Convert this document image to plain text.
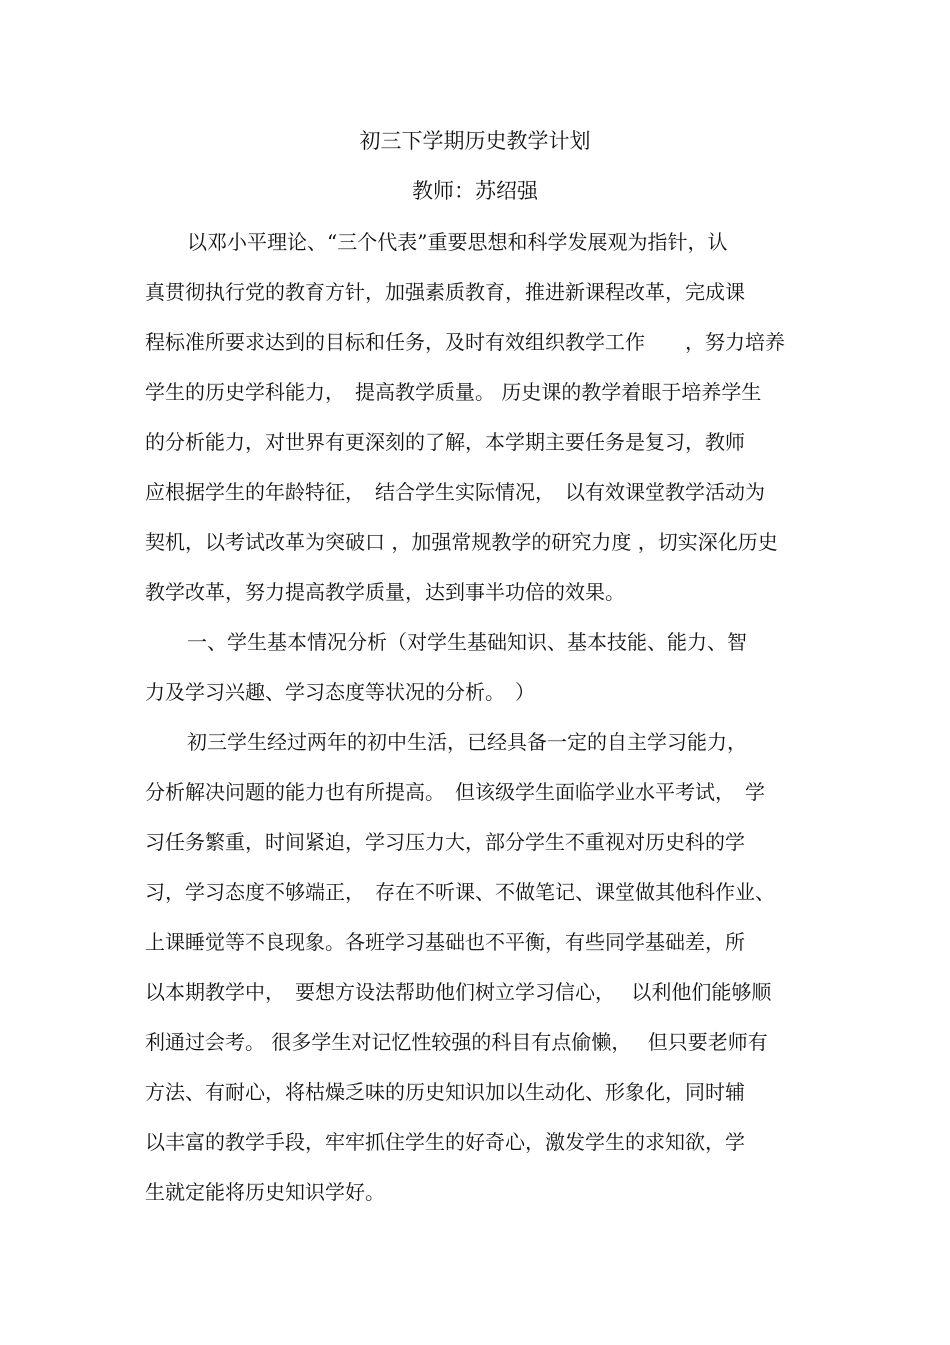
初三下学期历史教学计划
教师：苏绍强
以邓小平理论、“三个代表”重要思想和科学发展观为指针，认
真贯彻执行党的教育方针，加强素质教育，推进新课程改革，完成课
程标准所要求达到的目标和任务，及时有效组织教学工作　　，努力培养
学生的历史学科能力，　提高教学质量。 历史课的教学着眼于培养学生
的分析能力，对世界有更深刻的了解，本学期主要任务是复习，教师
应根据学生的年龄特征，　结合学生实际情况，　以有效课堂教学活动为
契机，以考试改革为突破口 ，加强常规教学的研究力度 ，切实深化历史
教学改革，努力提高教学质量，达到事半功倍的效果。
一、学生基本情况分析（对学生基础知识、基本技能、能力、智
力及学习兴趣、学习态度等状况的分析。　）
初三学生经过两年的初中生活，已经具备一定的自主学习能力，
分析解决问题的能力也有所提高。　但该级学生面临学业水平考试，　学
习任务繁重，时间紧迫，学习压力大，部分学生不重视对历史科的学
习，学习态度不够端正，　存在不听课、不做笔记、课堂做其他科作业、
上课睡觉等不良现象。各班学习基础也不平衡，有些同学基础差，所
以本期教学中，　要想方设法帮助他们树立学习信心，　 以利他们能够顺
利通过会考。 很多学生对记忆性较强的科目有点偷懒，　 但只要老师有
方法、有耐心，将枯燥乏味的历史知识加以生动化、形象化，同时辅
以丰富的教学手段，牢牢抓住学生的好奇心，激发学生的求知欲，学
生就定能将历史知识学好。
